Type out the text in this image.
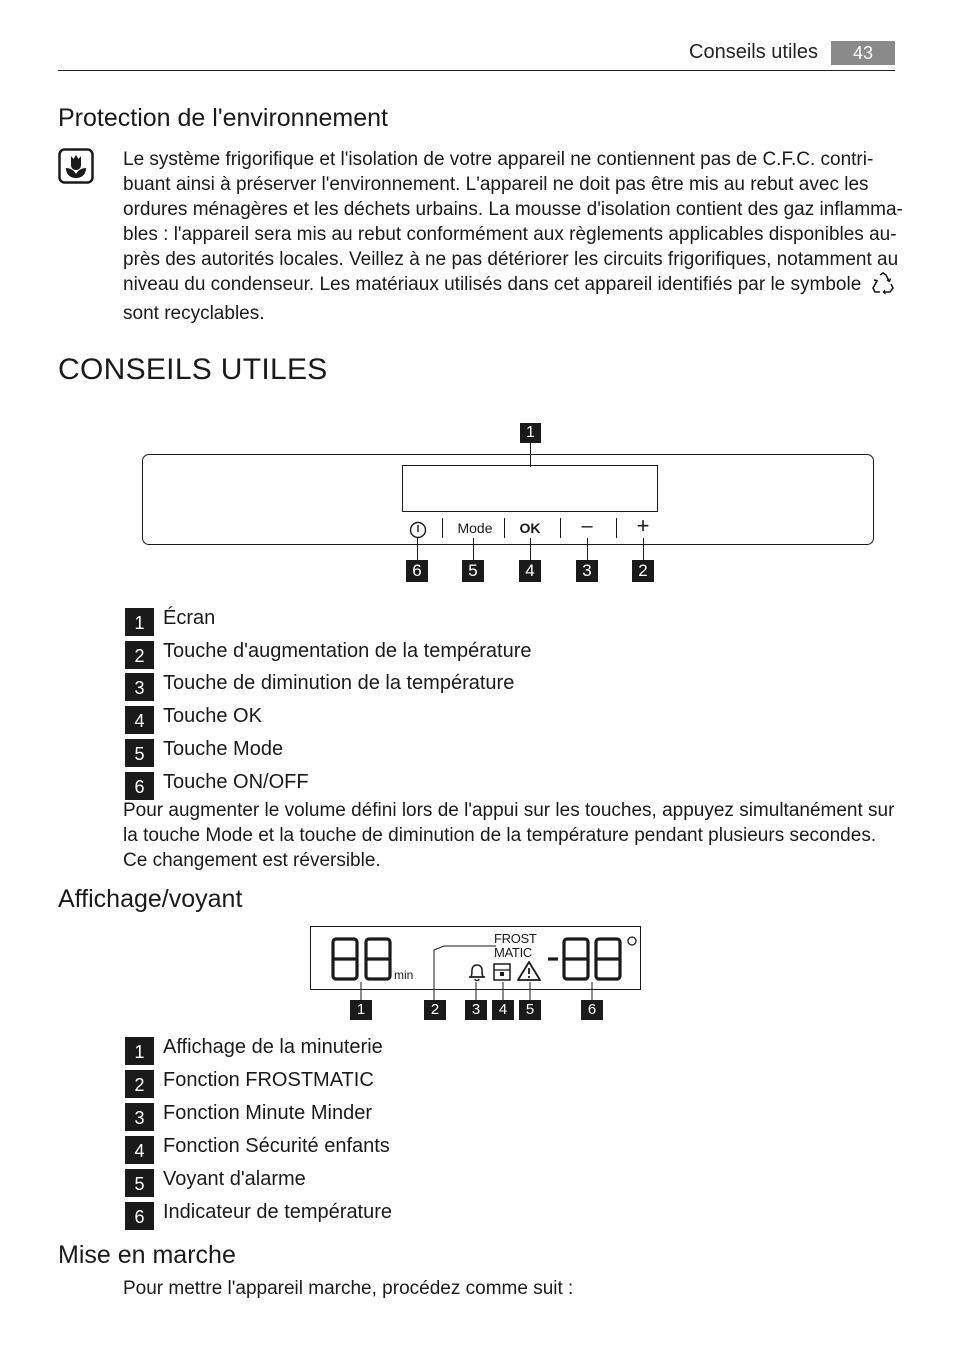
Conseils utiles	43
Protection de l'environnement
Le système frigorifique et l'isolation de votre appareil ne contiennent pas de C.F.C. contri-
buant ainsi à préserver l'environnement. L'appareil ne doit pas être mis au rebut avec les
ordures ménagères et les déchets urbains. La mousse d'isolation contient des gaz inflamma-
bles : l'appareil sera mis au rebut conformément aux règlements applicables disponibles au-
près des autorités locales. Veillez à ne pas détériorer les circuits frigorifiques, notamment au
niveau du condenseur. Les matériaux utilisés dans cet appareil identifiés par le symbole
sont recyclables.
CONSEILS UTILES
1
Mode	OK	–	+
6	5	4	3	2
1 Écran
2 Touche d'augmentation de la température
3 Touche de diminution de la température
4 Touche OK
5 Touche Mode
6 Touche ON/OFF
Pour augmenter le volume défini lors de l'appui sur les touches, appuyez simultanément sur
la touche Mode et la touche de diminution de la température pendant plusieurs secondes.
Ce changement est réversible.
Affichage/voyant
min
FROST
MATIC
1	2	3	4	5	6
1 Affichage de la minuterie
2 Fonction FROSTMATIC
3 Fonction Minute Minder
4 Fonction Sécurité enfants
5 Voyant d'alarme
6 Indicateur de température
Mise en marche
Pour mettre l'appareil marche, procédez comme suit :
